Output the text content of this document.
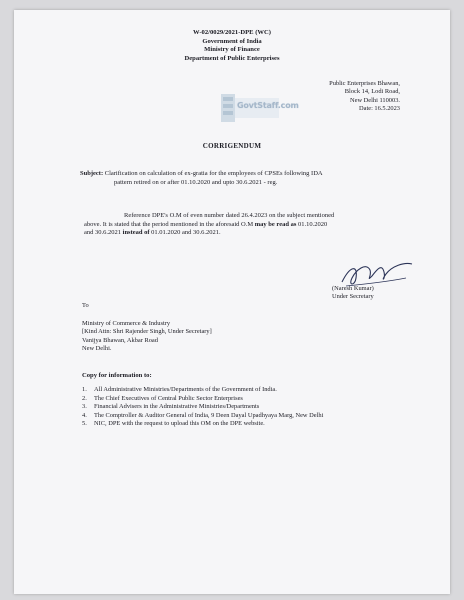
W-02/0029/2021-DPE (WC)
Government of India
Ministry of Finance
Department of Public Enterprises
Public Enterprises Bhawan,
Block 14, Lodi Road,
New Delhi 110003.
Date: 16.5.2023
GovtStaff.com
CORRIGENDUM
Subject: Clarification on calculation of ex-gratia for the employees of CPSEs following IDA
pattern retired on or after 01.10.2020 and upto 30.6.2021 - reg.
Reference DPE's O.M of even number dated 26.4.2023 on the subject mentioned
above. It is stated that the period mentioned in the aforesaid O.M may be read as 01.10.2020
and 30.6.2021 instead of 01.01.2020 and 30.6.2021.
(Naresh Kumar)
Under Secretary
To
Ministry of Commerce & Industry
[Kind Attn: Shri Rajender Singh, Under Secretary]
Vanijya Bhawan, Akbar Road
New Delhi.
Copy for information to:
1.	All Administrative Ministries/Departments of the Government of India.
2.	The Chief Executives of Central Public Sector Enterprises
3.	Financial Advisers in the Administrative Ministries/Departments
4.	The Comptroller & Auditor General of India, 9 Deen Dayal Upadhyaya Marg, New Delhi
5.	NIC, DPE with the request to upload this OM on the DPE website.
